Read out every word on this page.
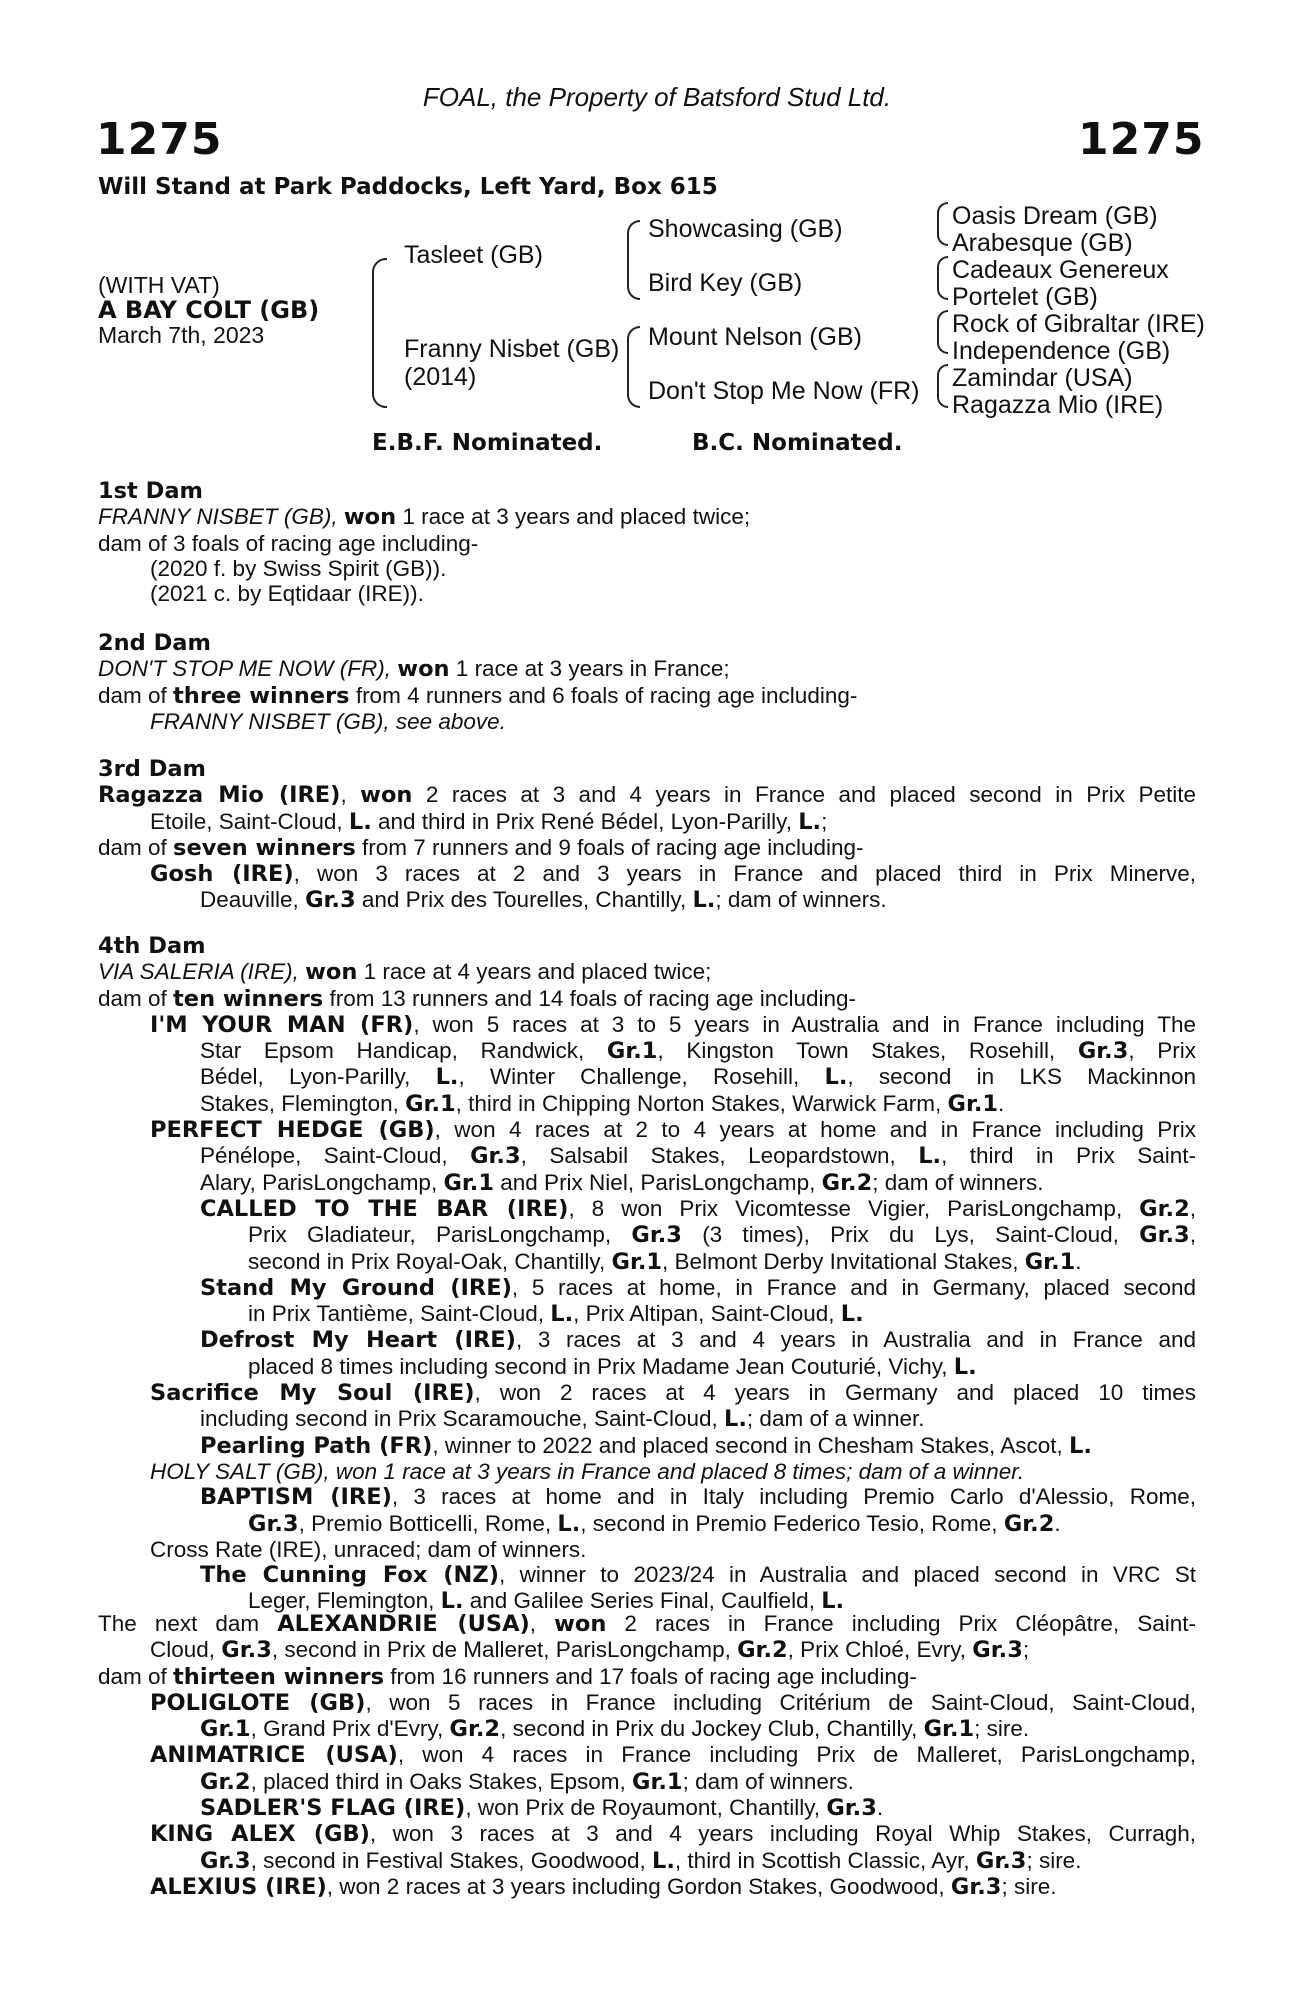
FOAL, the Property of Batsford Stud Ltd.
1275	1275
Will Stand at Park Paddocks, Left Yard, Box 615
(WITH VAT)
A BAY COLT (GB)
March 7th, 2023
Tasleet (GB)
Franny Nisbet (GB)
(2014)
Showcasing (GB)
Bird Key (GB)
Mount Nelson (GB)
Don't Stop Me Now (FR)
Oasis Dream (GB)
Arabesque (GB)
Cadeaux Genereux
Portelet (GB)
Rock of Gibraltar (IRE)
Independence (GB)
Zamindar (USA)
Ragazza Mio (IRE)
E.B.F. Nominated.	B.C. Nominated.
1st Dam
FRANNY NISBET (GB), won 1 race at 3 years and placed twice;
dam of 3 foals of racing age including-
(2020 f. by Swiss Spirit (GB)).
(2021 c. by Eqtidaar (IRE)).
2nd Dam
DON'T STOP ME NOW (FR), won 1 race at 3 years in France;
dam of three winners from 4 runners and 6 foals of racing age including-
FRANNY NISBET (GB), see above.
3rd Dam
Ragazza Mio (IRE), won 2 races at 3 and 4 years in France and placed second in Prix Petite
Etoile, Saint-Cloud, L. and third in Prix René Bédel, Lyon-Parilly, L.;
dam of seven winners from 7 runners and 9 foals of racing age including-
Gosh (IRE), won 3 races at 2 and 3 years in France and placed third in Prix Minerve,
Deauville, Gr.3 and Prix des Tourelles, Chantilly, L.; dam of winners.
4th Dam
VIA SALERIA (IRE), won 1 race at 4 years and placed twice;
dam of ten winners from 13 runners and 14 foals of racing age including-
I'M YOUR MAN (FR), won 5 races at 3 to 5 years in Australia and in France including The
Star Epsom Handicap, Randwick, Gr.1, Kingston Town Stakes, Rosehill, Gr.3, Prix
Bédel, Lyon-Parilly, L., Winter Challenge, Rosehill, L., second in LKS Mackinnon
Stakes, Flemington, Gr.1, third in Chipping Norton Stakes, Warwick Farm, Gr.1.
PERFECT HEDGE (GB), won 4 races at 2 to 4 years at home and in France including Prix
Pénélope, Saint-Cloud, Gr.3, Salsabil Stakes, Leopardstown, L., third in Prix Saint-
Alary, ParisLongchamp, Gr.1 and Prix Niel, ParisLongchamp, Gr.2; dam of winners.
CALLED TO THE BAR (IRE), 8 won Prix Vicomtesse Vigier, ParisLongchamp, Gr.2,
Prix Gladiateur, ParisLongchamp, Gr.3 (3 times), Prix du Lys, Saint-Cloud, Gr.3,
second in Prix Royal-Oak, Chantilly, Gr.1, Belmont Derby Invitational Stakes, Gr.1.
Stand My Ground (IRE), 5 races at home, in France and in Germany, placed second
in Prix Tantième, Saint-Cloud, L., Prix Altipan, Saint-Cloud, L.
Defrost My Heart (IRE), 3 races at 3 and 4 years in Australia and in France and
placed 8 times including second in Prix Madame Jean Couturié, Vichy, L.
Sacrifice My Soul (IRE), won 2 races at 4 years in Germany and placed 10 times
including second in Prix Scaramouche, Saint-Cloud, L.; dam of a winner.
Pearling Path (FR), winner to 2022 and placed second in Chesham Stakes, Ascot, L.
HOLY SALT (GB), won 1 race at 3 years in France and placed 8 times; dam of a winner.
BAPTISM (IRE), 3 races at home and in Italy including Premio Carlo d'Alessio, Rome,
Gr.3, Premio Botticelli, Rome, L., second in Premio Federico Tesio, Rome, Gr.2.
Cross Rate (IRE), unraced; dam of winners.
The Cunning Fox (NZ), winner to 2023/24 in Australia and placed second in VRC St
Leger, Flemington, L. and Galilee Series Final, Caulfield, L.
The next dam ALEXANDRIE (USA), won 2 races in France including Prix Cléopâtre, Saint-
Cloud, Gr.3, second in Prix de Malleret, ParisLongchamp, Gr.2, Prix Chloé, Evry, Gr.3;
dam of thirteen winners from 16 runners and 17 foals of racing age including-
POLIGLOTE (GB), won 5 races in France including Critérium de Saint-Cloud, Saint-Cloud,
Gr.1, Grand Prix d'Evry, Gr.2, second in Prix du Jockey Club, Chantilly, Gr.1; sire.
ANIMATRICE (USA), won 4 races in France including Prix de Malleret, ParisLongchamp,
Gr.2, placed third in Oaks Stakes, Epsom, Gr.1; dam of winners.
SADLER'S FLAG (IRE), won Prix de Royaumont, Chantilly, Gr.3.
KING ALEX (GB), won 3 races at 3 and 4 years including Royal Whip Stakes, Curragh,
Gr.3, second in Festival Stakes, Goodwood, L., third in Scottish Classic, Ayr, Gr.3; sire.
ALEXIUS (IRE), won 2 races at 3 years including Gordon Stakes, Goodwood, Gr.3; sire.
